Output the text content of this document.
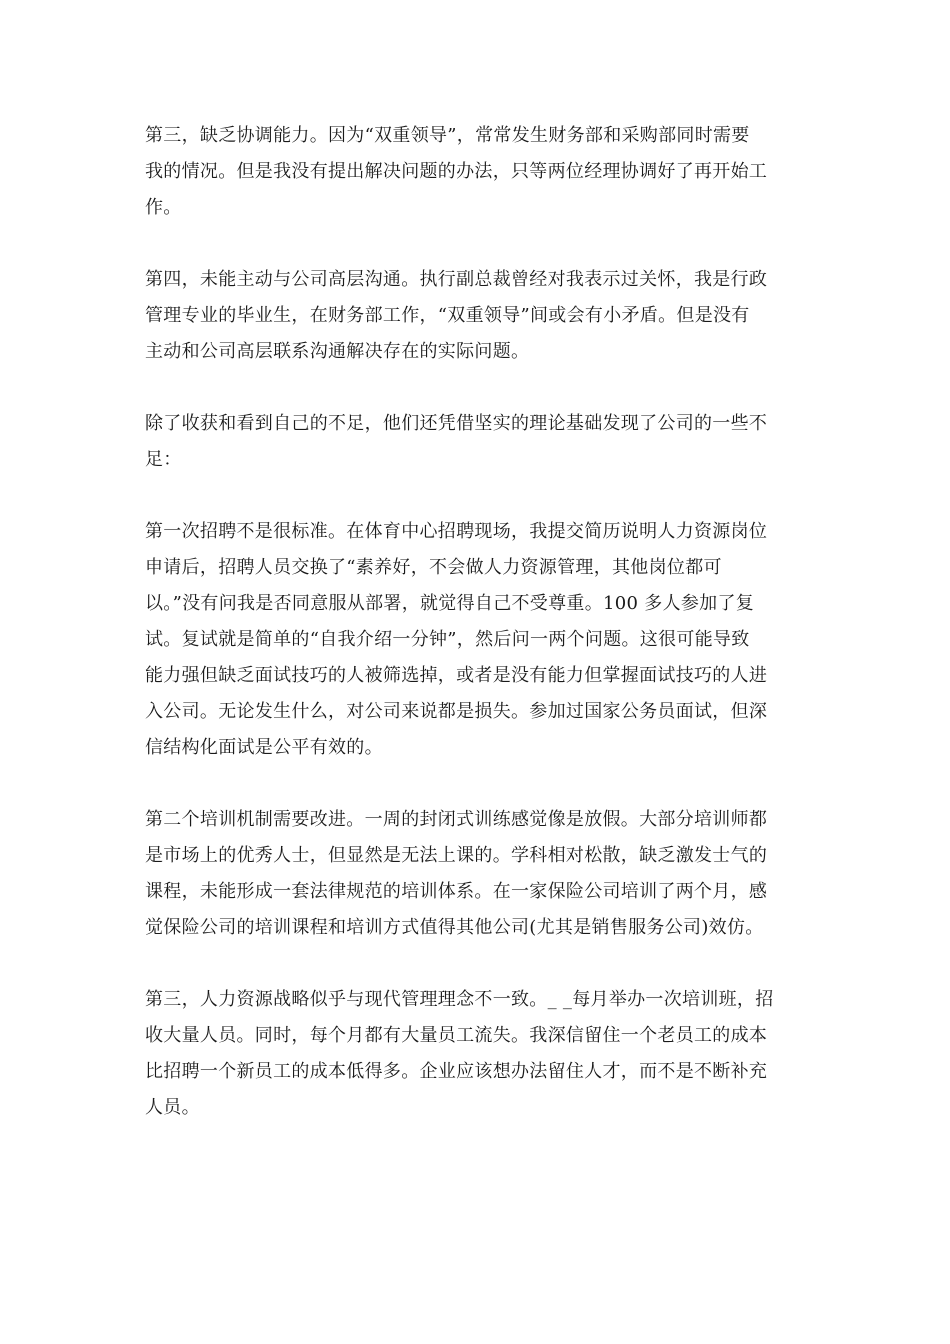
第三，缺乏协调能力。因为“双重领导”，常常发生财务部和采购部同时需要
我的情况。但是我没有提出解决问题的办法，只等两位经理协调好了再开始工
作。

第四，未能主动与公司高层沟通。执行副总裁曾经对我表示过关怀，我是行政
管理专业的毕业生，在财务部工作，“双重领导”间或会有小矛盾。但是没有
主动和公司高层联系沟通解决存在的实际问题。

除了收获和看到自己的不足，他们还凭借坚实的理论基础发现了公司的一些不
足：

第一次招聘不是很标准。在体育中心招聘现场，我提交简历说明人力资源岗位
申请后，招聘人员交换了“素养好，不会做人力资源管理，其他岗位都可
以。”没有问我是否同意服从部署，就觉得自己不受尊重。100 多人参加了复
试。复试就是简单的“自我介绍一分钟”，然后问一两个问题。这很可能导致
能力强但缺乏面试技巧的人被筛选掉，或者是没有能力但掌握面试技巧的人进
入公司。无论发生什么，对公司来说都是损失。参加过国家公务员面试，但深
信结构化面试是公平有效的。

第二个培训机制需要改进。一周的封闭式训练感觉像是放假。大部分培训师都
是市场上的优秀人士，但显然是无法上课的。学科相对松散，缺乏激发士气的
课程，未能形成一套法律规范的培训体系。在一家保险公司培训了两个月，感
觉保险公司的培训课程和培训方式值得其他公司(尤其是销售服务公司)效仿。

第三，人力资源战略似乎与现代管理理念不一致。_ _每月举办一次培训班，招
收大量人员。同时，每个月都有大量员工流失。我深信留住一个老员工的成本
比招聘一个新员工的成本低得多。企业应该想办法留住人才，而不是不断补充
人员。
